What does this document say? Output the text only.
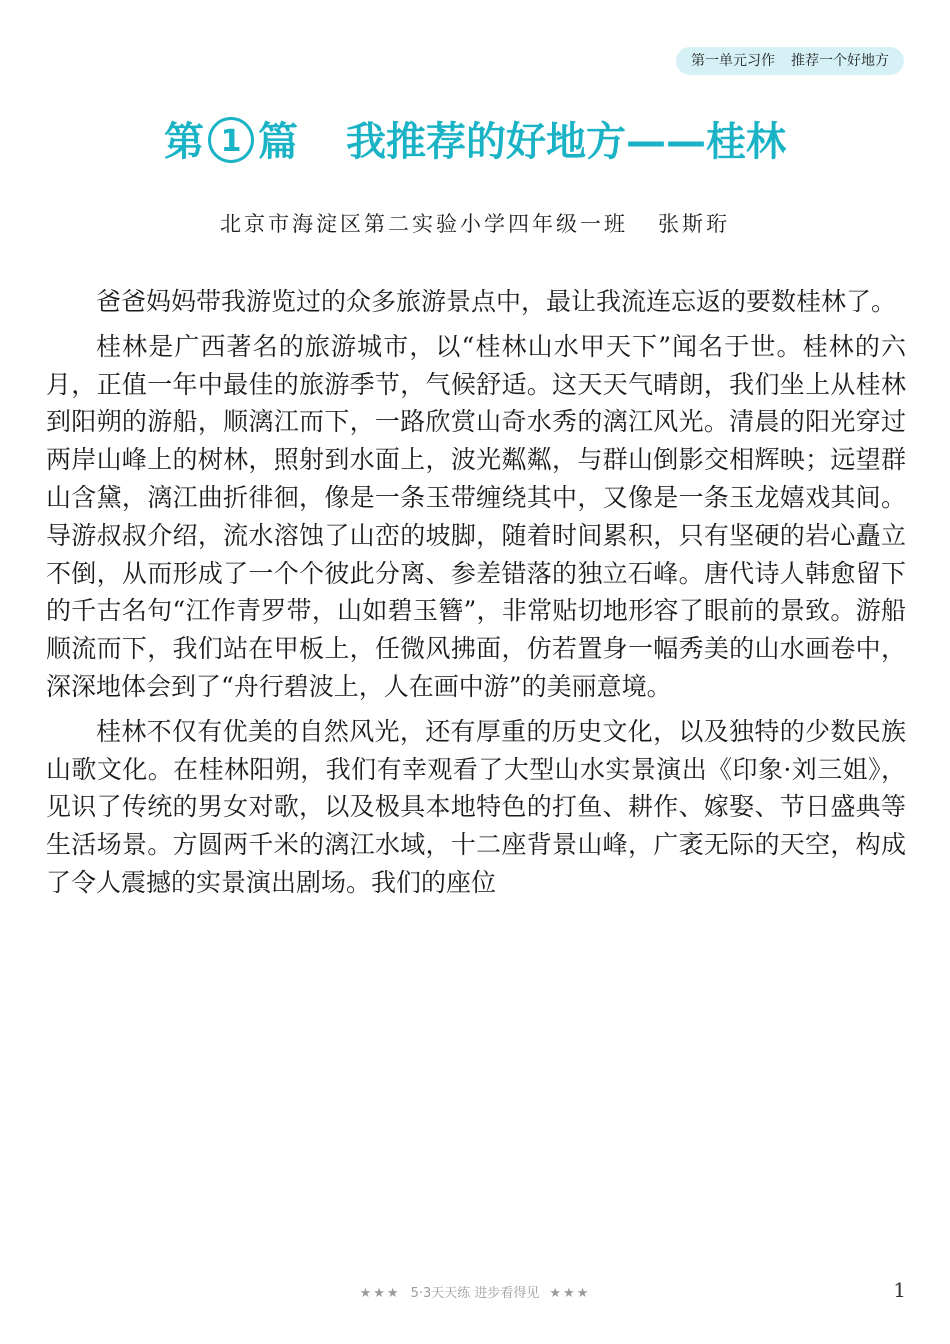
第一单元习作 推荐一个好地方
第 1 篇 我推荐的好地方——桂林
北京市海淀区第二实验小学四年级一班 张斯珩

爸爸妈妈带我游览过的众多旅游景点中，最让我流连忘返的要数桂林了。

桂林是广西著名的旅游城市，以“桂林山水甲天下”闻名于世。桂林的六月，正值一年中最佳的旅游季节，气候舒适。这天天气晴朗，我们坐上从桂林到阳朔的游船，顺漓江而下，一路欣赏山奇水秀的漓江风光。清晨的阳光穿过两岸山峰上的树林，照射到水面上，波光粼粼，与群山倒影交相辉映；远望群山含黛，漓江曲折徘徊，像是一条玉带缠绕其中，又像是一条玉龙嬉戏其间。导游叔叔介绍，流水溶蚀了山峦的坡脚，随着时间累积，只有坚硬的岩心矗立不倒，从而形成了一个个彼此分离、参差错落的独立石峰。唐代诗人韩愈留下的千古名句“江作青罗带，山如碧玉簪”，非常贴切地形容了眼前的景致。游船顺流而下，我们站在甲板上，任微风拂面，仿若置身一幅秀美的山水画卷中，深深地体会到了“舟行碧波上，人在画中游”的美丽意境。

桂林不仅有优美的自然风光，还有厚重的历史文化，以及独特的少数民族山歌文化。在桂林阳朔，我们有幸观看了大型山水实景演出《印象·刘三姐》，见识了传统的男女对歌，以及极具本地特色的打鱼、耕作、嫁娶、节日盛典等生活场景。方圆两千米的漓江水域，十二座背景山峰，广袤无际的天空，构成了令人震撼的实景演出剧场。我们的座位

★★★ 5·3天天练 进步看得见 ★★★	1
